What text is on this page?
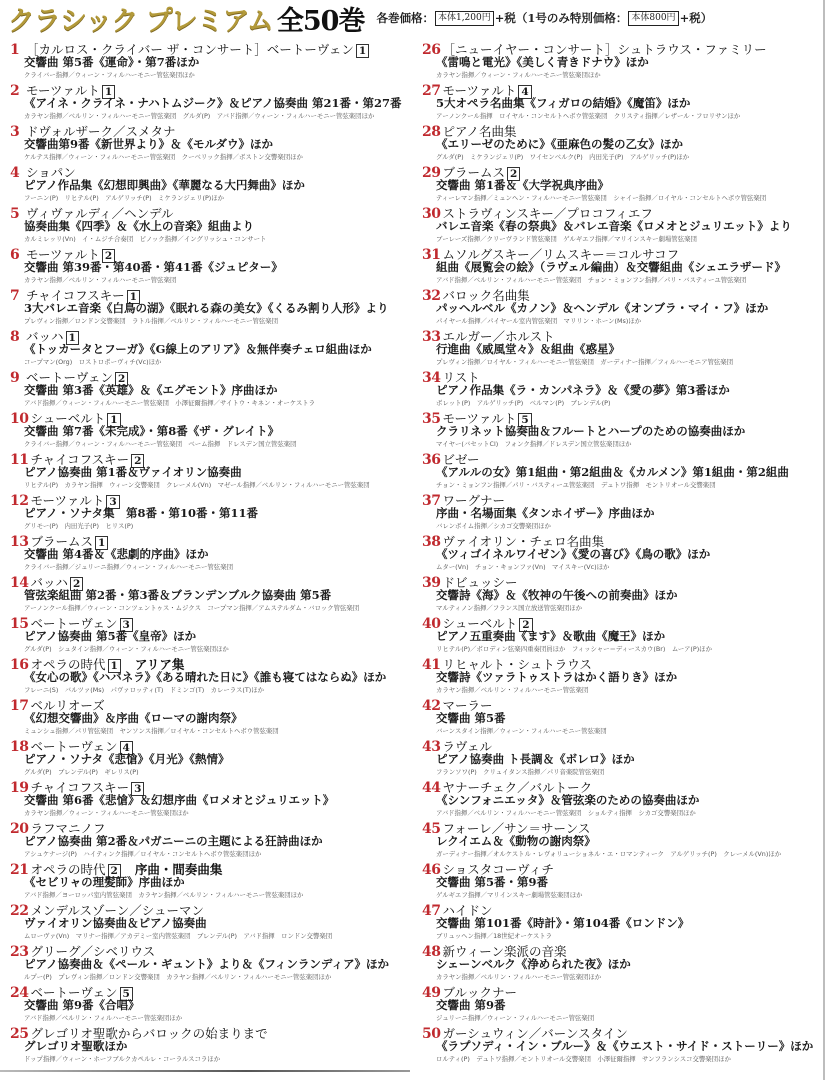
クラシック プレミアム 全50巻 各巻価格： 本体1,200円 +税（1号のみ特別価格： 本体800円 +税）
1 ［カルロス・クライバー ザ・コンサート］ベートーヴェン 1
交響曲 第5番《運命》・第7番ほか
クライバー指揮／ウィーン・フィルハーモニー管弦楽団ほか
2 モーツァルト 1
《アイネ・クライネ・ナハトムジーク》＆ピアノ協奏曲 第21番・第27番
カラヤン指揮／ベルリン・フィルハーモニー管弦楽団　グルダ(P)　アバド指揮／ウィーン・フィルハーモニー管弦楽団ほか
3 ドヴォルザーク／スメタナ
交響曲第9番《新世界より》＆《モルダウ》ほか
ケルテス指揮／ウィーン・フィルハーモニー管弦楽団　クーベリック指揮／ボストン交響楽団ほか
4 ショパン
ピアノ作品集《幻想即興曲》《華麗なる大円舞曲》ほか
フーニン(P)　リヒテル(P)　アルゲリッチ(P)　ミケランジェリ(P)ほか
5 ヴィヴァルディ／ヘンデル
協奏曲集《四季》＆《水上の音楽》組曲より
カルミレッリ(Vn)　イ・ムジチ合奏団　ピノック指揮／イングリッシュ・コンサート
6 モーツァルト 2
交響曲 第39番・第40番・第41番《ジュピター》
カラヤン指揮／ベルリン・フィルハーモニー管弦楽団
7 チャイコフスキー 1
3大バレエ音楽《白鳥の湖》《眠れる森の美女》《くるみ割り人形》より
プレヴィン指揮／ロンドン交響楽団　ラトル指揮／ベルリン・フィルハーモニー管弦楽団
8 バッハ 1
《トッカータとフーガ》《G線上のアリア》＆無伴奏チェロ組曲ほか
コープマン(Org)　ロストロポーヴィチ(Vc)ほか
9 ベートーヴェン 2
交響曲 第3番《英雄》＆《エグモント》序曲ほか
アバド指揮／ウィーン・フィルハーモニー管弦楽団　小澤征爾指揮／サイトウ・キネン・オーケストラ
10 シューベルト 1
交響曲 第7番《未完成》・第8番《ザ・グレイト》
クライバー指揮／ウィーン・フィルハーモニー管弦楽団　ベーム指揮　ドレスデン国立管弦楽団
11 チャイコフスキー 2
ピアノ協奏曲 第1番＆ヴァイオリン協奏曲
リヒテル(P)　カラヤン指揮　ウィーン交響楽団　クレーメル(Vn)　マゼール指揮／ベルリン・フィルハーモニー管弦楽団
12 モーツァルト 3
ピアノ・ソナタ集　第8番・第10番・第11番
グリモー(P)　内田光子(P)　ヒリス(P)
13 ブラームス 1
交響曲 第4番＆《悲劇的序曲》ほか
クライバー指揮／ジュリーニ指揮／ウィーン・フィルハーモニー管弦楽団
14 バッハ 2
管弦楽組曲 第2番・第3番＆ブランデンブルク協奏曲 第5番
アーノンクール指揮／ウィーン・コンツェントゥス・ムジクス　コープマン指揮／アムステルダム・バロック管弦楽団
15 ベートーヴェン 3
ピアノ協奏曲 第5番《皇帝》ほか
グルダ(P)　シュタイン指揮／ウィーン・フィルハーモニー管弦楽団ほか
16 オペラの時代 1 アリア集
《女心の歌》《ハバネラ》《ある晴れた日に》《誰も寝てはならぬ》ほか
フレーニ(S)　バルツァ(Ms)　パヴァロッティ(T)　ドミンゴ(T)　カレーラス(T)ほか
17 ベルリオーズ
《幻想交響曲》＆序曲《ローマの謝肉祭》
ミュンシュ指揮／パリ管弦楽団　ヤンソンス指揮／ロイヤル・コンセルトヘボウ管弦楽団
18 ベートーヴェン 4
ピアノ・ソナタ《悲愴》《月光》《熱情》
グルダ(P)　ブレンデル(P)　ギレリス(P)
19 チャイコフスキー 3
交響曲 第6番《悲愴》＆幻想序曲《ロメオとジュリエット》
カラヤン指揮／ウィーン・フィルハーモニー管弦楽団ほか
20 ラフマニノフ
ピアノ協奏曲 第2番＆パガニーニの主題による狂詩曲ほか
アシュケナージ(P)　ハイティンク指揮／ロイヤル・コンセルトヘボウ管弦楽団ほか
21 オペラの時代 2 序曲・間奏曲集
《セビリャの理髪師》序曲ほか
アバド指揮／ヨーロッパ室内管弦楽団　カラヤン指揮／ベルリン・フィルハーモニー管弦楽団ほか
22 メンデルスゾーン／シューマン
ヴァイオリン協奏曲＆ピアノ協奏曲
ムローヴァ(Vn)　マリナー指揮／アカデミー室内管弦楽団　ブレンデル(P)　アバド指揮　ロンドン交響楽団
23 グリーグ／シベリウス
ピアノ協奏曲＆《ペール・ギュント》より＆《フィンランディア》ほか
ルプー(P)　プレヴィン指揮／ロンドン交響楽団　カラヤン指揮／ベルリン・フィルハーモニー管弦楽団ほか
24 ベートーヴェン 5
交響曲 第9番《合唱》
アバド指揮／ベルリン・フィルハーモニー管弦楽団ほか
25 グレゴリオ聖歌からバロックの始まりまで
グレゴリオ聖歌ほか
ドップ指揮／ウィーン・ホーフブルクカペルレ・コーラルスコラほか
26 ［ニューイヤー・コンサート］シュトラウス・ファミリー
《雷鳴と電光》《美しく青きドナウ》ほか
カラヤン指揮／ウィーン・フィルハーモニー管弦楽団ほか
27 モーツァルト 4
5大オペラ名曲集《フィガロの結婚》《魔笛》ほか
アーノンクール指揮　ロイヤル・コンセルトヘボウ管弦楽団　クリスティ指揮／レザール・フロリサンほか
28 ピアノ名曲集
《エリーゼのために》《亜麻色の髪の乙女》ほか
グルダ(P)　ミケランジェリ(P)　ワイセンベルク(P)　内田光子(P)　アルゲリッチ(P)ほか
29 ブラームス 2
交響曲 第1番＆《大学祝典序曲》
ティーレマン指揮／ミュンヘン・フィルハーモニー管弦楽団　シャイー指揮／ロイヤル・コンセルトヘボウ管弦楽団
30 ストラヴィンスキー／プロコフィエフ
バレエ音楽《春の祭典》＆バレエ音楽《ロメオとジュリエット》より
ブーレーズ指揮／クリーヴランド管弦楽団　ゲルギエフ指揮／マリインスキー劇場管弦楽団
31 ムソルグスキー／リムスキー＝コルサコフ
組曲《展覧会の絵》（ラヴェル編曲）＆交響組曲《シェエラザード》
アバド指揮／ベルリン・フィルハーモニー管弦楽団　チョン・ミョンフン指揮／パリ・バスティーユ管弦楽団
32 バロック名曲集
パッヘルベル《カノン》＆ヘンデル《オンブラ・マイ・フ》ほか
パイヤール指揮／パイヤール室内管弦楽団　マリリン・ホーン(Ms)ほか
33 エルガー／ホルスト
行進曲《威風堂々》＆組曲《惑星》
プレヴィン指揮／ロイヤル・フィルハーモニー管弦楽団　ガーディナー指揮／フィルハーモニア管弦楽団
34 リスト
ピアノ作品集《ラ・カンパネラ》＆《愛の夢》第3番ほか
ボレット(P)　アルゲリッチ(P)　ベルマン(P)　ブレンデル(P)
35 モーツァルト 5
クラリネット協奏曲＆フルートとハープのための協奏曲ほか
マイヤー(バセットCl)　フォンク指揮／ドレスデン国立管弦楽団ほか
36 ビゼー
《アルルの女》第1組曲・第2組曲＆《カルメン》第1組曲・第2組曲
チョン・ミョンフン指揮／パリ・バスティーユ管弦楽団　デュトワ指揮　モントリオール交響楽団
37 ワーグナー
序曲・名場面集《タンホイザー》序曲ほか
バレンボイム指揮／シカゴ交響楽団ほか
38 ヴァイオリン・チェロ名曲集
《ツィゴイネルワイゼン》《愛の喜び》《鳥の歌》ほか
ムター(Vn)　チョン・キョンファ(Vn)　マイスキー(Vc)ほか
39 ドビュッシー
交響詩《海》＆《牧神の午後への前奏曲》ほか
マルティノン指揮／フランス国立放送管弦楽団ほか
40 シューベルト 2
ピアノ五重奏曲《ます》＆歌曲《魔王》ほか
リヒテル(P)／ボロディン弦楽四重奏団員ほか　フィッシャー＝ディースカウ(Br)　ムーア(P)ほか
41 リヒャルト・シュトラウス
交響詩《ツァラトゥストラはかく語りき》ほか
カラヤン指揮／ベルリン・フィルハーモニー管弦楽団
42 マーラー
交響曲 第5番
バーンスタイン指揮／ウィーン・フィルハーモニー管弦楽団
43 ラヴェル
ピアノ協奏曲 ト長調＆《ボレロ》ほか
フランソワ(P)　クリュイタンス指揮／パリ音楽院管弦楽団
44 ヤナーチェク／バルトーク
《シンフォニエッタ》＆管弦楽のための協奏曲ほか
アバド指揮／ベルリン・フィルハーモニー管弦楽団　ショルティ指揮　シカゴ交響楽団ほか
45 フォーレ／サン＝サーンス
レクイエム＆《動物の謝肉祭》
ガーディナー指揮／オルケストル・レヴォリューショネル・エ・ロマンティーク　アルゲリッチ(P)　クレーメル(Vn)ほか
46 ショスタコーヴィチ
交響曲 第5番・第9番
ゲルギエフ指揮／マリインスキー劇場管弦楽団ほか
47 ハイドン
交響曲 第101番《時計》・第104番《ロンドン》
ブリュッヘン指揮／18世紀オーケストラ
48 新ウィーン楽派の音楽
シェーンベルク《浄められた夜》ほか
カラヤン指揮／ベルリン・フィルハーモニー管弦楽団ほか
49 ブルックナー
交響曲 第9番
ジュリーニ指揮／ウィーン・フィルハーモニー管弦楽団
50 ガーシュウィン／バーンスタイン
《ラプソディ・イン・ブルー》＆《ウエスト・サイド・ストーリー》ほか
ロルティ(P)　デュトワ指揮／モントリオール交響楽団　小澤征爾指揮　サンフランシスコ交響楽団ほか
